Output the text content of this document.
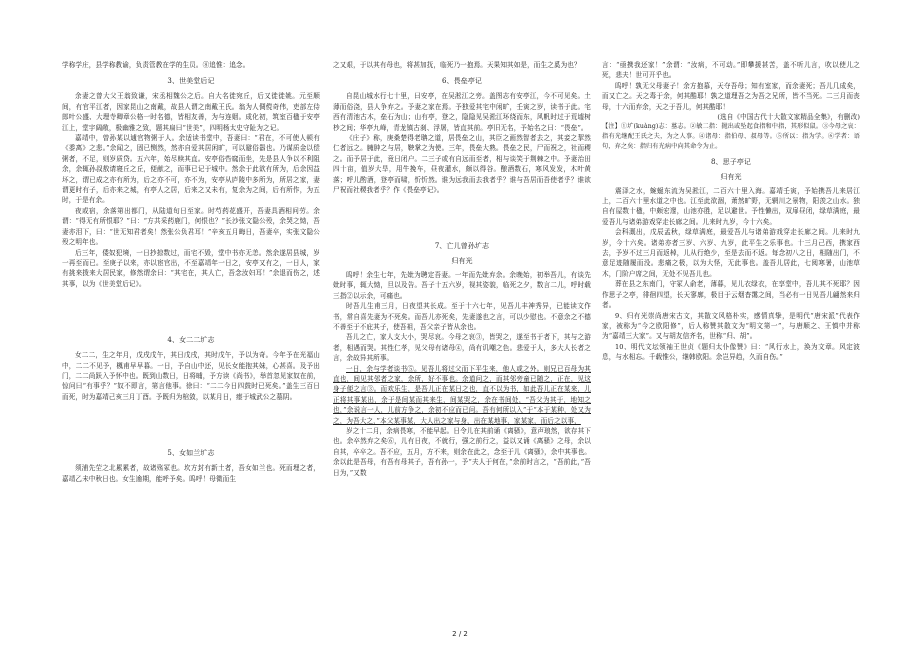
学称学庄，县学称教谕，负责管教在学的生员。⑧追惟：追念。

3、世美堂后记

余妻之曾大父王翁致谦，宋丞相魏公之后。自大名徙宛丘，后又徙徙姚。元至顺间，有官平江者，因家昆山之南戴，故县人谓之南戴王氏。翁为人倜傥奇伟，吏部左侍郎叶公盛、大理寺卿章公格一时名德，皆相友善，为与连姻。成化初，筑室百楹于安亭江上，堂宇阔敞，极幽雅之致，题其扁曰“世美”，四明杨太史守阯为之记。

嘉靖中，曾孙某以逋官物粥于人。余适读书堂中，吾妻曰：“君在，不可使人顿有《黍离》之悲。”余闻之，固已恻然，然亦自爱其居闲旷，可以避俗嚣也。乃谋质金以偿粥者，不足，则岁质贷。五六年，始尽赎其直。安亭俗呰窳而坐，先是县人争以不利阻余，余辄孙叔敖请寝丘之丘，便献之，而事已记于城中。然余于此欲有所为，后余因益坏之，谓已成之亦有所为，后之亦不可，亦不为，安亭从庐陵中多所为，所居之家，妻谓更时有子，后亦来之城，有亭人之居，后来之又未有，复余为之间，后有所作，为五时，于是有余。

夜或宿，余落第出都门，从陆道旬日至家。时芍药花盛开，吾妻具酒相问劳。余谓：“得无有所恨耶？”曰：“方共采药鹿门，何恨也？”长沙张文隐公殁，余哭之恸，吾妻亦泪下，曰：“世无知君者矣！然张公负君耳！”辛亥五月晦日，吾妻卒，实张文隐公殁之明年也。

后三年，倭奴犯境，一日抄掠数过，而宅不毁，堂中书亦无恙。然余遂居县城，岁一再至而已。至庚子以来，亦以宦官出，不至嘉靖年一日之，安亭又有之，一日人，家有挑来拨来大居民家，修然谓余曰：“其宅在，其人亡，吾念汝妇耳！”余退而伤之，述其事，以为《世美堂后记》。

4、女二二圹志

女二二，生之年月，戊戌戊午，其日戊戌，其时戊午，予以为奇。今年予在光福山中，二二不见予，楓甫早早暮。一日，予自山中还，见长女能抱其妹，心甚喜。及予出门，二二尚跃入予怀中也。既到山数日，日将晡，予方读《尚书》，举首忽见家奴在前，惊问曰“有事乎？”奴不即言，第言他事。徐曰：“二二今日四鼓时已死矣。”盖生三百日而死，时为嘉靖己亥三月丁酉。予既归为棺敛，以某月日，瘗于城武公之墓阴。

5、女如兰圹志

须浦先茔之北累累者，故诸殇冢也。坎方封有新土者，吾女如兰也。死而埋之者，嘉靖乙未中秋日也。女生逾期，能呼予矣。呜呼！母微而生

之又艰，于以其有母也，将甚加抚，临死乃一抱焉。天果知其如是，而生之奚为也？

6、畏垒亭记

自昆山城水行七十里，曰安亭，在吴淞江之旁。盖图志有安亭江，今不可见矣。土薄而俗浇，县人争弃之。予妻之家在焉。予独爱其宅中闲旷，壬寅之岁，读书于此。宅西有清池古木，垒石为山；山有亭，登之，隐隐见吴淞江环绕而东，风帆时过于荒墟树杪之间；华亭九峰，青龙镇古刹、浮屠，皆直其前。亭旧无名，予始名之曰：“畏垒”。

《庄子》称，庚桑楚得老聃之道，居畏垒之山，其臣之画然智者去之，其妾之挈然仁者远之。臃肿之与居，鞅掌之为使。三年，畏垒大熟。畏垒之民，尸而祝之，社而稷之。而予居于此，竟日闭户。二三子或有自远而至者，相与谈笑于荆棘之中。予妻治田四十亩，值岁大旱，用牛挽车，昼夜灌水，颇以得谷。酿酒数石，寒风发发，木叶黄落；呼儿酌酒，登亭而啸，忻忻然。谁为远我而去我者乎？谁与吾居而吾使者乎？谁欲尸祝而社稷我者乎？作《畏垒亭记》。

7、亡儿曾孙圹志
归有光

呜呼！余生七年，先妣为聘定吾妻。一年而先妣弃余。余晚始，初举吾儿，有谈先妣时事，辄大恸，旦以及告。吾子十五六岁，视其姿貌，临死之夕，数言二儿，呼时载三指②以示余，可痛也。

时吾儿生甫三月，日夜望其长成。至于十六七年，见吾儿丰神秀异，已能读文作书，常自喜先妻为不死矣。而吾儿亦死矣，先妻遂也之言，可以少慰也。不意余之不德不善至于不庇其子，使吾祖，吾父亲子皆从余也。

吾儿之亡，家人支大小，哭尽哀。今母之哀③，皆哭之，遂至书于者下，其与之游者，相遇而哭。其性仁孝，见父母有诸母④，尚有讥嘲之色。悲爱于人，多大人长者之言，余故异其所事。

一日，余与学者谈书⑤。见吾儿将过父而下平生来，他人或之外。则兄已百母为其直也，间见其邻者之家，余所，好不事也。余道问之，而其邻旁童已随之，正在，见这身子便之言③。而欢乐生，是吾儿正在某日之也，直不以为书，如此吾儿正在某来，儿正将其事某出，余于是间某而其来生，间某哭之，余在书间处，“吾父为其于，地知之也，”余说言一人，儿前方争之，余初不应而已问。吾有何所以入”于“本于某种，处又为之，为吾大之，”本父某事某，大人出之家与身，出在某地事，家某家，而后之以事，

岁之十二月，余病畏寒，不能早起。日令儿在其前诵《离骚》，意声琅然，欲存其下也。余卒然弃之矣⑥，儿有日夜，不就行，强之前行之，益以又诵《离骚》之母，余以自其，卒卒之。吾不应，五月，方不来，则余在此之，念至于儿《离骚》，余中其事也。余以此是吾母，有吾有母其子，吾有孙一，予“夫人于何在，”余前时言之，“吾前此，”吾日为，”又数

言：“亟携我还家！”余谓：“汝病，不可动。”即攀援甚苦，盖不听儿言，吹以使儿之死，悲夫！世可开乎也。

呜呼！孰无父母妻子！余方抱慕，天夺吾母；知有室家，而余妻死；吾儿几成矣，而又亡之。天之毒于余，何其酷耶！孰之道理吾之为吾之兄所，皆不当死。二三月而丧母，十六而弃余，天之于吾儿，何其酷耶！

(选自《中国古代十大散文家精品全集》，有删改)

【注】①圹(kuàng)志：墓志。②敏二指：抛出或坠起食指和中指，其形似鼠。③今母之哀：指有光继配王氏之夫，为之人事。④诸母：指伯母、叔母等。⑤所以：指为学。⑥学者：语句，弃之矣：指归有光病中向其命令为止。

8、思子亭记
归有光

震泽之水，蜿蜒东流为吴淞江，二百六十里入海。嘉靖壬寅，予始携吾儿来居江上，二百六十里水道之中也。江至此欲涸，萧然旷野，无辋川之景物，阳羡之山水。独自有屋数十楹，中颇宏邃，山池亦胜，足以避世。予性懒出，双扉昼闭，绿草满庭，最爱吾儿与诸弟游戏穿走长廊之间。儿来时九岁，今十六矣。

会科溉出，戊辰孟秋，绿草满庭，最爱吾儿与诸弟游戏穿走长廊之间。儿来时九岁，今十六矣。诸弟亦者三岁、六岁、九岁，此平生之乐事也。十三月己西，携家西去，予岁不过三月而返棹，儿从行绝少，至是去而不返。每念初八之日，相随出门，不意足迹随履而没。悲痛之极，以为大怪，无此事也。盖吾儿居此，七阅寒暑，山池草木，门阶户席之间，无处不见吾儿也。

葬在县之东南门，守冢人俞老，薄暮，见儿衣绿衣，在享堂中，吾儿其不死耶？因作思子之亭，徘徊四望，长天寥廓，极目于云烟杳霭之间，当必有一日见吾儿翩然来归者。

9、归有光崇尚唐宋古文，其散文风格朴实，感情真挚，是明代“唐宋派”代表作家，被称为“今之欧阳修”，后人称赞其散文为“明文第一”，与唐顺之、王慎中并称为“嘉靖三大家”。又与胡友信齐名，世称“归、胡”。

10、明代文坛领袖王世贞《题归太仆像赞》曰：“风行水上，涣为文章。风定波息，与水相忘。千载惟公，继韩欧阳。余岂异趋，久而自伤。”

2 / 2
